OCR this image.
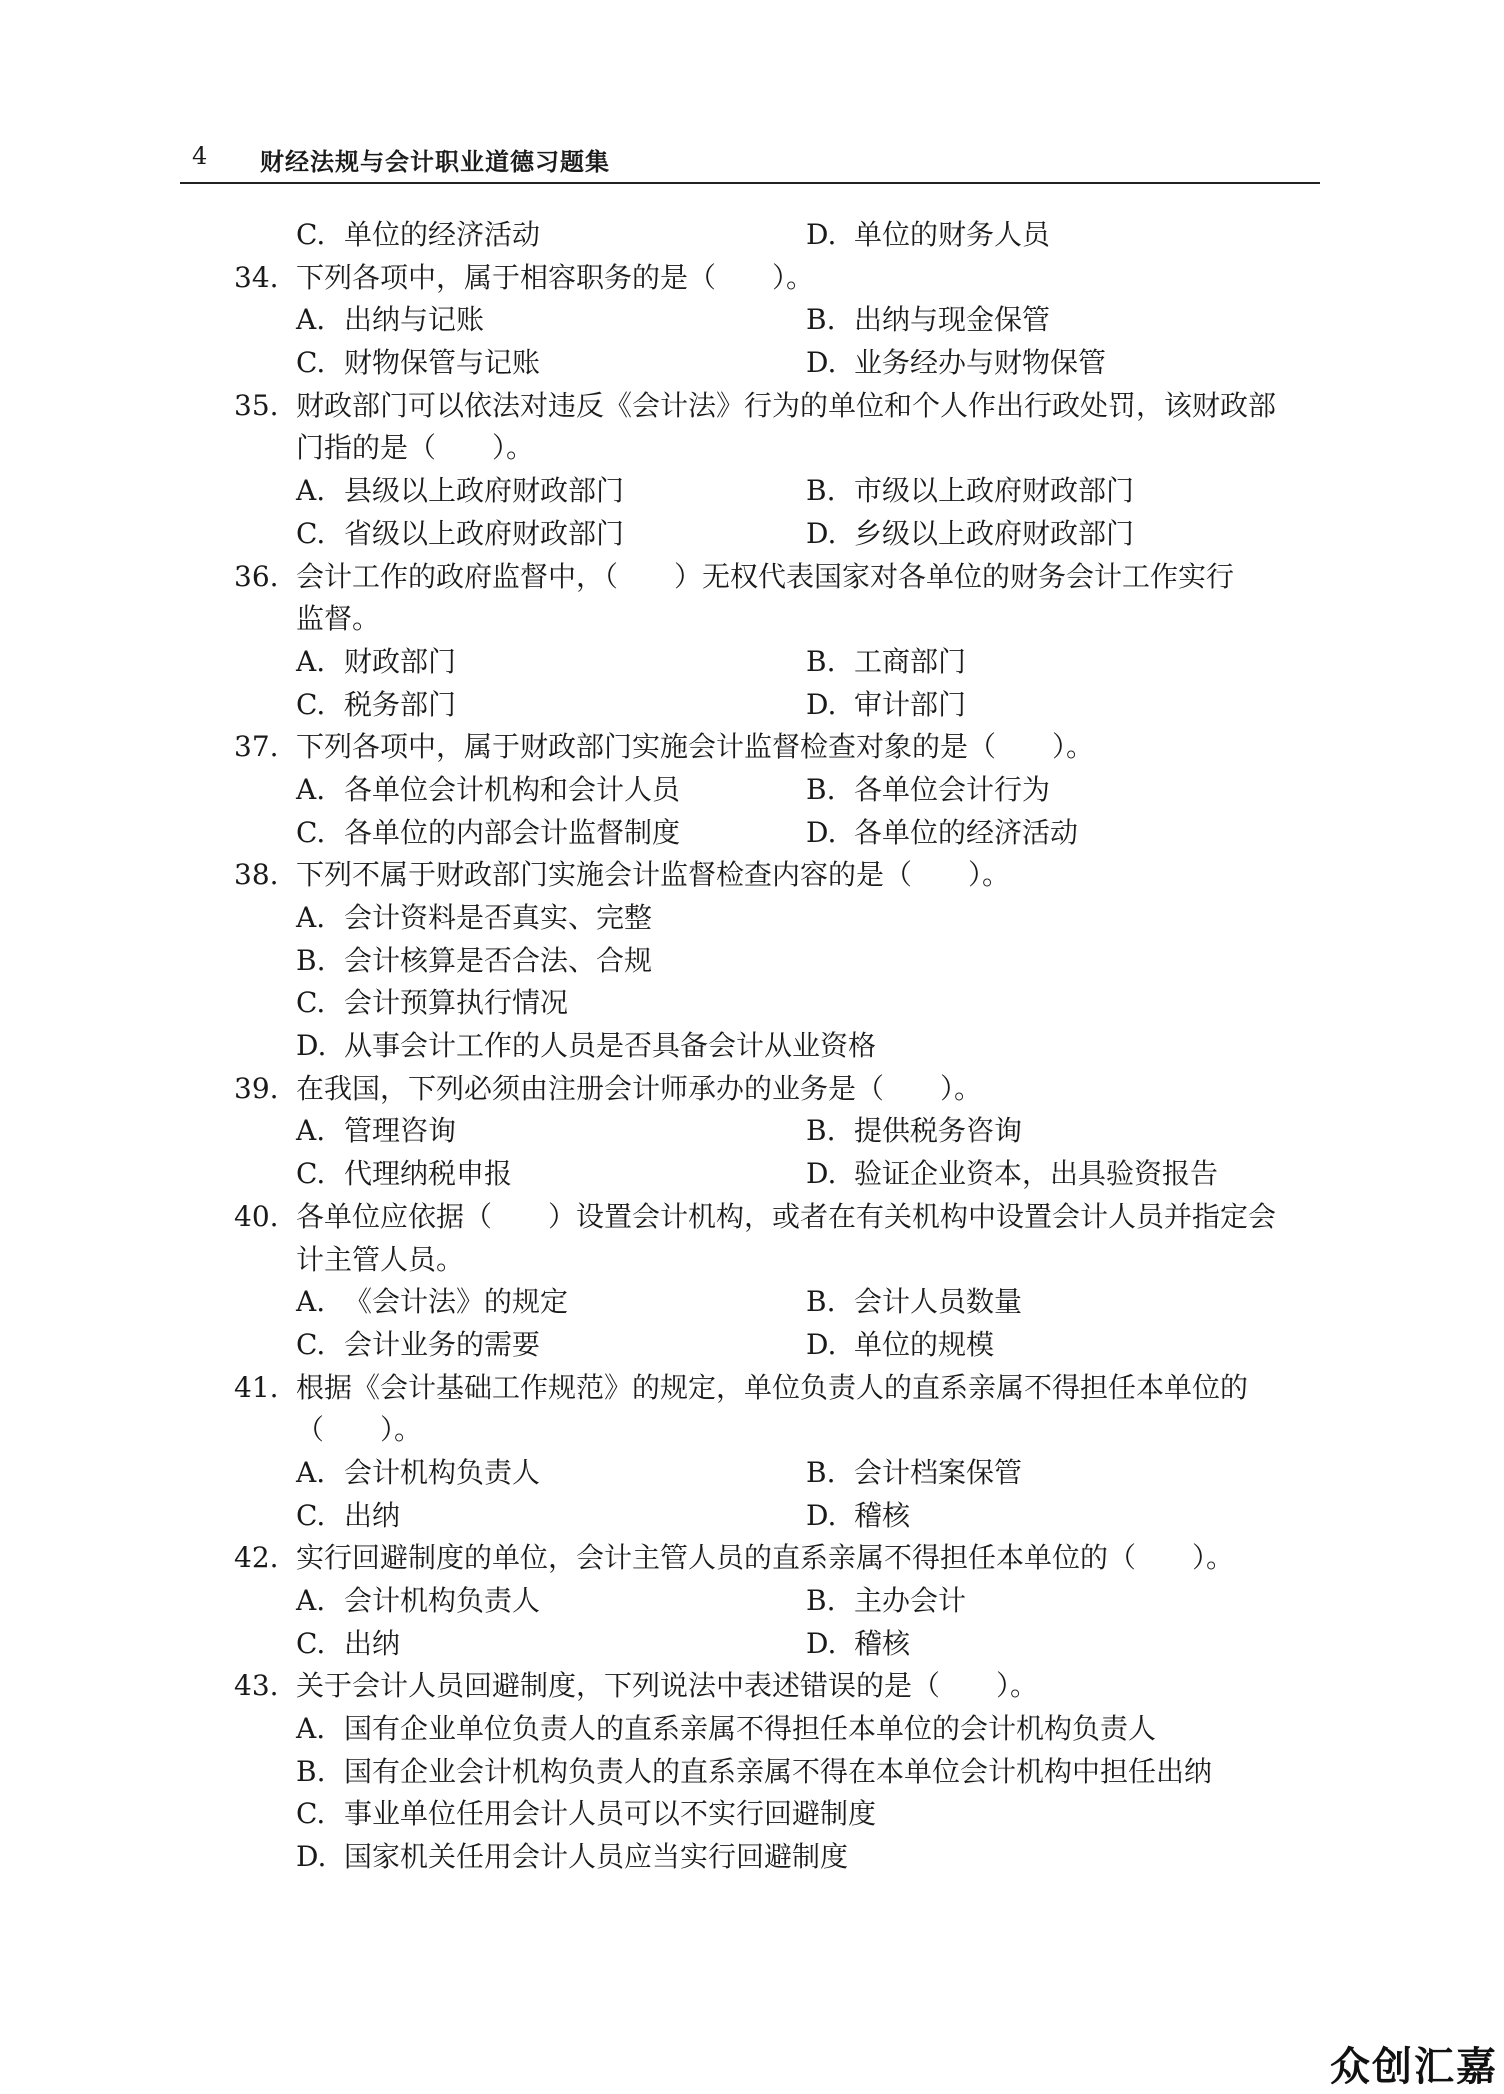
4 财经法规与会计职业道德习题集
C. 单位的经济活动	D. 单位的财务人员
34. 下列各项中，属于相容职务的是（　　）。
A. 出纳与记账	B. 出纳与现金保管
C. 财物保管与记账	D. 业务经办与财物保管
35. 财政部门可以依法对违反《会计法》行为的单位和个人作出行政处罚，该财政部
门指的是（　　）。
A. 县级以上政府财政部门	B. 市级以上政府财政部门
C. 省级以上政府财政部门	D. 乡级以上政府财政部门
36. 会计工作的政府监督中，（　　）无权代表国家对各单位的财务会计工作实行
监督。
A. 财政部门	B. 工商部门
C. 税务部门	D. 审计部门
37. 下列各项中，属于财政部门实施会计监督检查对象的是（　　）。
A. 各单位会计机构和会计人员	B. 各单位会计行为
C. 各单位的内部会计监督制度	D. 各单位的经济活动
38. 下列不属于财政部门实施会计监督检查内容的是（　　）。
A. 会计资料是否真实、完整
B. 会计核算是否合法、合规
C. 会计预算执行情况
D. 从事会计工作的人员是否具备会计从业资格
39. 在我国，下列必须由注册会计师承办的业务是（　　）。
A. 管理咨询	B. 提供税务咨询
C. 代理纳税申报	D. 验证企业资本，出具验资报告
40. 各单位应依据（　　）设置会计机构，或者在有关机构中设置会计人员并指定会
计主管人员。
A. 《会计法》的规定	B. 会计人员数量
C. 会计业务的需要	D. 单位的规模
41. 根据《会计基础工作规范》的规定，单位负责人的直系亲属不得担任本单位的
（　　）。
A. 会计机构负责人	B. 会计档案保管
C. 出纳	D. 稽核
42. 实行回避制度的单位，会计主管人员的直系亲属不得担任本单位的（　　）。
A. 会计机构负责人	B. 主办会计
C. 出纳	D. 稽核
43. 关于会计人员回避制度，下列说法中表述错误的是（　　）。
A. 国有企业单位负责人的直系亲属不得担任本单位的会计机构负责人
B. 国有企业会计机构负责人的直系亲属不得在本单位会计机构中担任出纳
C. 事业单位任用会计人员可以不实行回避制度
D. 国家机关任用会计人员应当实行回避制度
众创汇嘉
